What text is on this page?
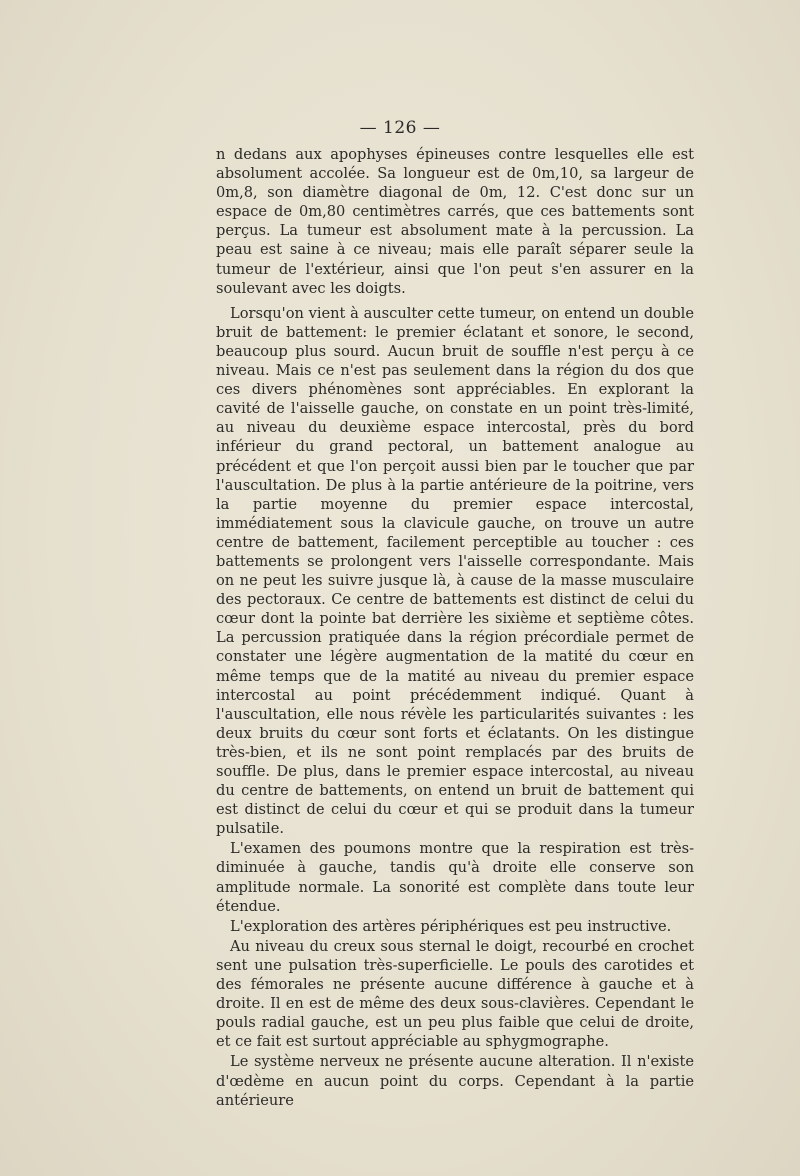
— 126 —

n dedans aux apophyses épineuses contre lesquelles elle est absolument accolée. Sa longueur est de 0m,10, sa largeur de 0m,8, son diamètre diagonal de 0m, 12. C'est donc sur un espace de 0m,80 centimètres carrés, que ces battements sont perçus. La tumeur est absolument mate à la percussion. La peau est saine à ce niveau; mais elle paraît séparer seule la tumeur de l'extérieur, ainsi que l'on peut s'en assurer en la soulevant avec les doigts.

Lorsqu'on vient à ausculter cette tumeur, on entend un double bruit de battement: le premier éclatant et sonore, le second, beaucoup plus sourd. Aucun bruit de souffle n'est perçu à ce niveau. Mais ce n'est pas seulement dans la région du dos que ces divers phénomènes sont appréciables. En explorant la cavité de l'aisselle gauche, on constate en un point très-limité, au niveau du deuxième espace intercostal, près du bord inférieur du grand pectoral, un battement analogue au précédent et que l'on perçoit aussi bien par le toucher que par l'auscultation. De plus à la partie antérieure de la poitrine, vers la partie moyenne du premier espace intercostal, immédiatement sous la clavicule gauche, on trouve un autre centre de battement, facilement perceptible au toucher : ces battements se prolongent vers l'aisselle correspondante. Mais on ne peut les suivre jusque là, à cause de la masse musculaire des pectoraux. Ce centre de battements est distinct de celui du cœur dont la pointe bat derrière les sixième et septième côtes. La percussion pratiquée dans la région précordiale permet de constater une légère augmentation de la matité du cœur en même temps que de la matité au niveau du premier espace intercostal au point précédemment indiqué. Quant à l'auscultation, elle nous révèle les particularités suivantes : les deux bruits du cœur sont forts et éclatants. On les distingue très-bien, et ils ne sont point remplacés par des bruits de souffle. De plus, dans le premier espace intercostal, au niveau du centre de battements, on entend un bruit de battement qui est distinct de celui du cœur et qui se produit dans la tumeur pulsatile.

L'examen des poumons montre que la respiration est très-diminuée à gauche, tandis qu'à droite elle conserve son amplitude normale. La sonorité est complète dans toute leur étendue.

L'exploration des artères périphériques est peu instructive.

Au niveau du creux sous sternal le doigt, recourbé en crochet sent une pulsation très-superficielle. Le pouls des carotides et des fémorales ne présente aucune différence à gauche et à droite. Il en est de même des deux sous-clavières. Cependant le pouls radial gauche, est un peu plus faible que celui de droite, et ce fait est surtout appréciable au sphygmographe.

Le système nerveux ne présente aucune alteration. Il n'existe d'œdème en aucun point du corps. Cependant à la partie antérieure
